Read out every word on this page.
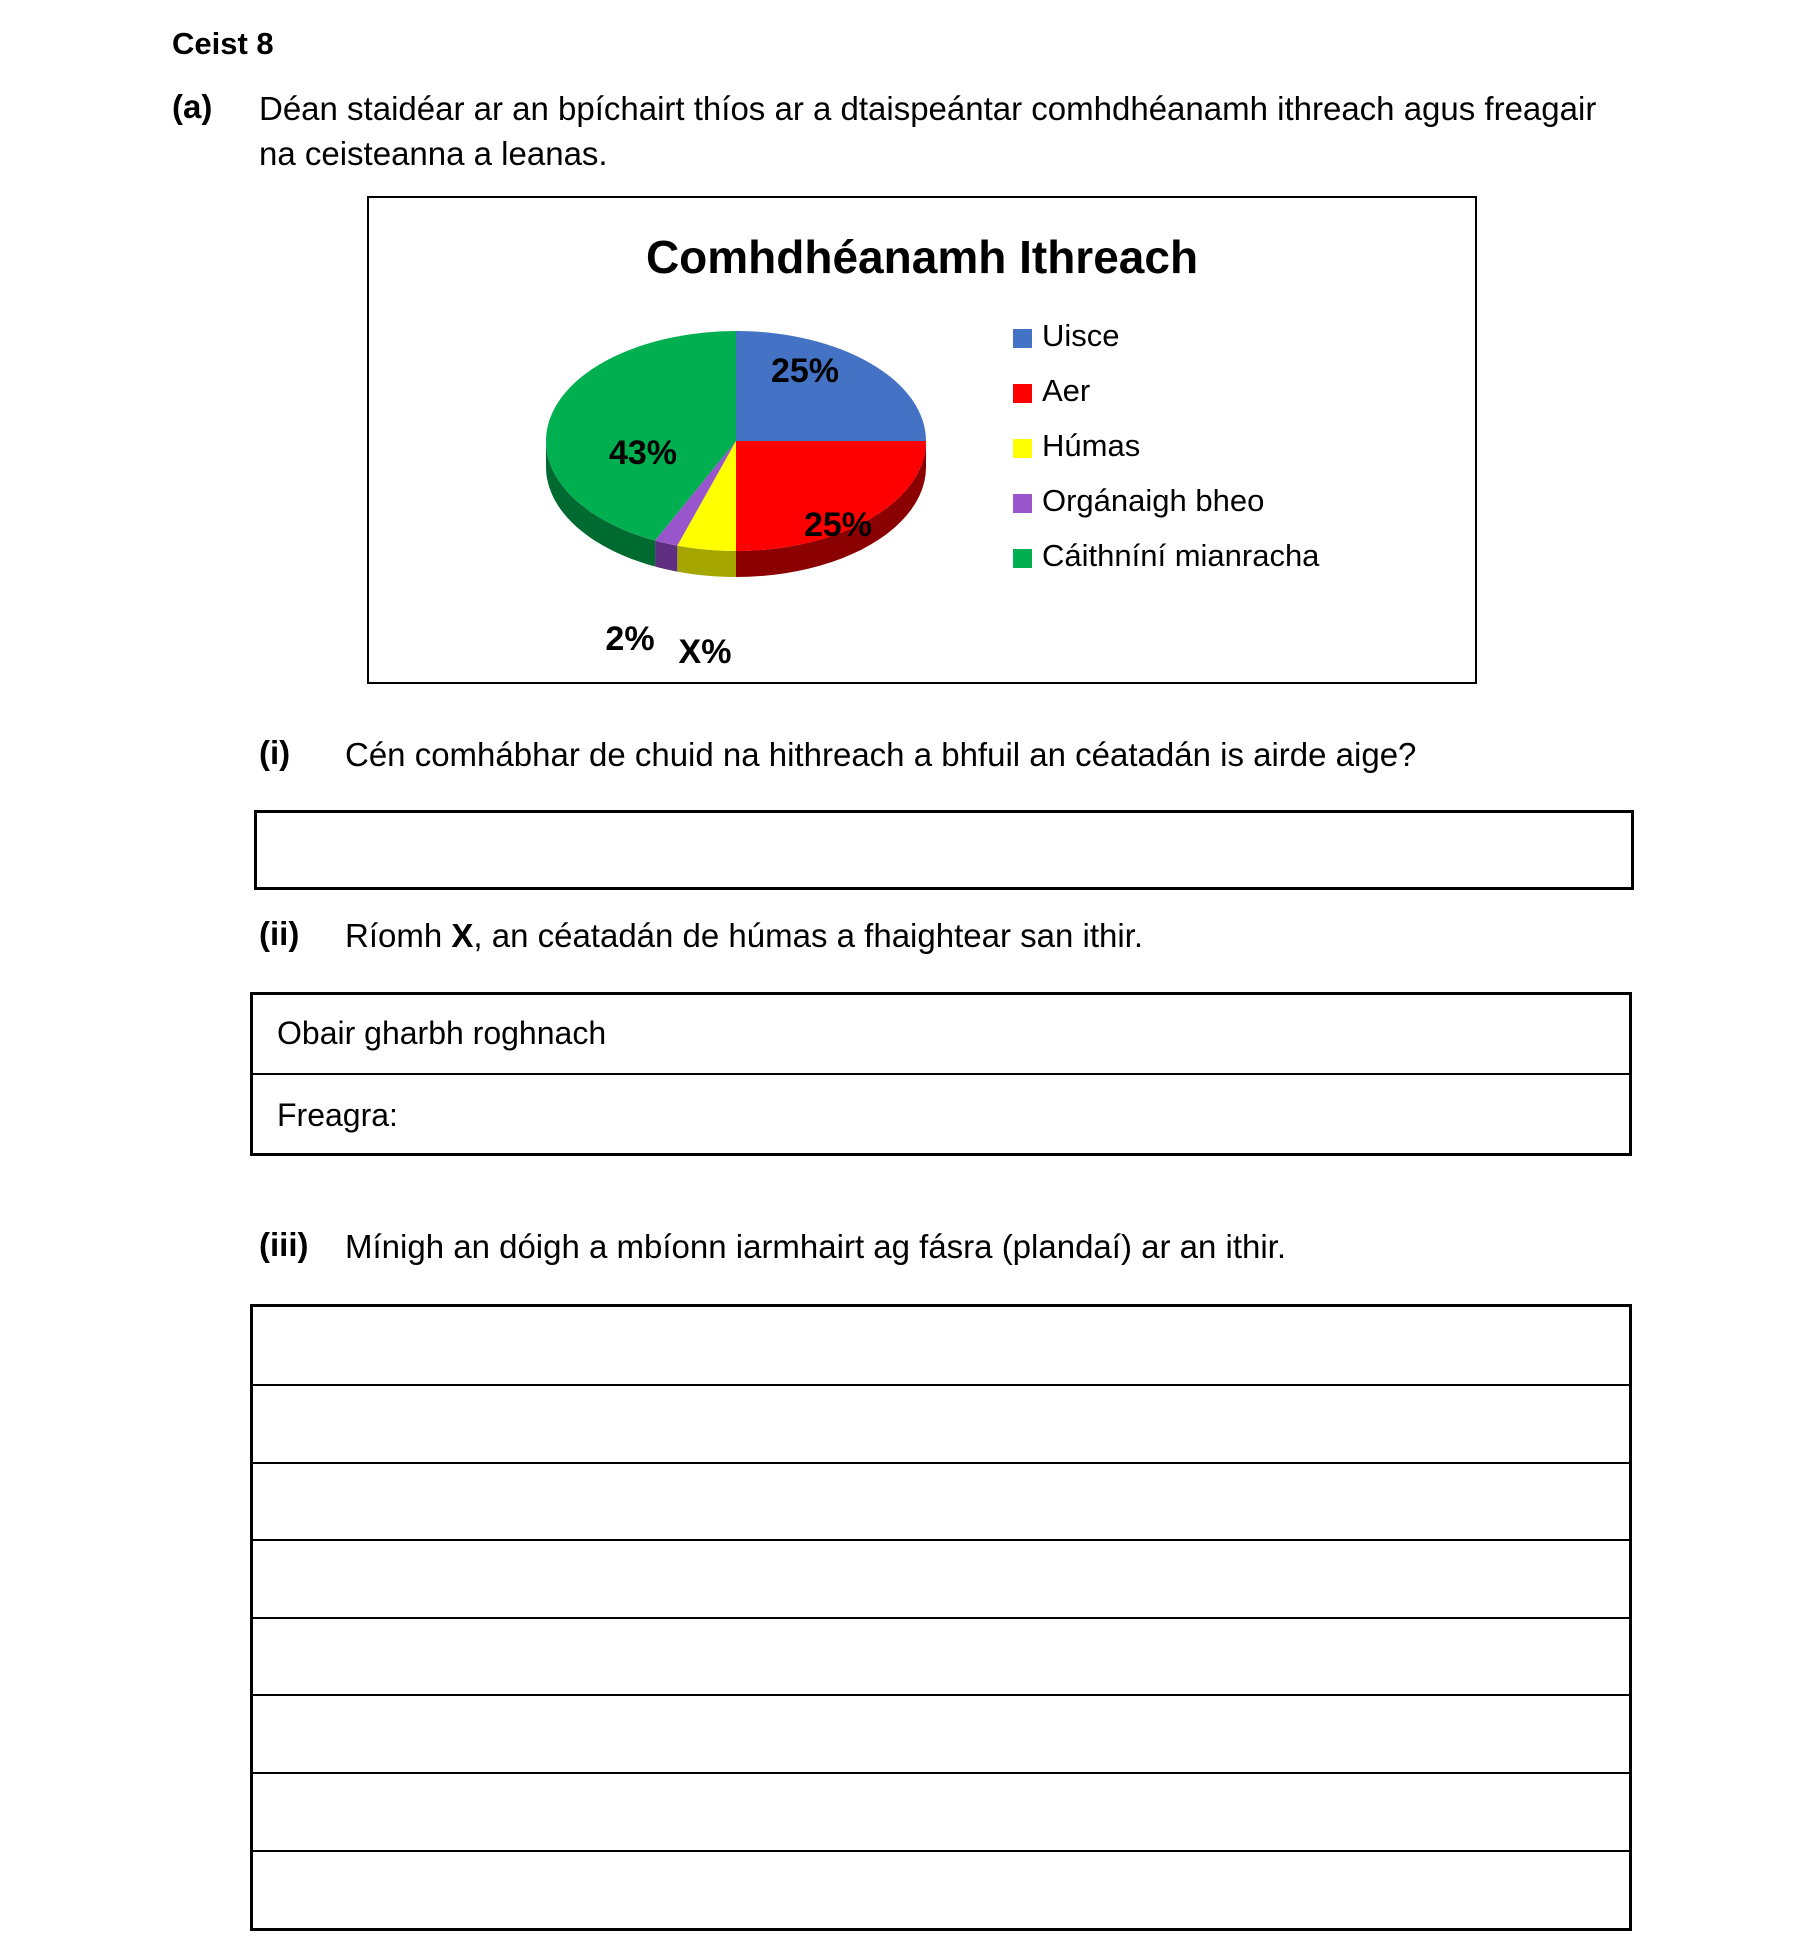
Ceist 8
(a) Déan staidéar ar an bpíchairt thíos ar a dtaispeántar comhdhéanamh ithreach agus freagair
na ceisteanna a leanas.
Comhdhéanamh Ithreach
25%
25%
X%
2%
43%
Uisce
Aer
Húmas
Orgánaigh bheo
Cáithníní mianracha
(i) Cén comhábhar de chuid na hithreach a bhfuil an céatadán is airde aige?
(ii) Ríomh X, an céatadán de húmas a fhaightear san ithir.
Obair gharbh roghnach
Freagra:
(iii) Mínigh an dóigh a mbíonn iarmhairt ag fásra (plandaí) ar an ithir.
